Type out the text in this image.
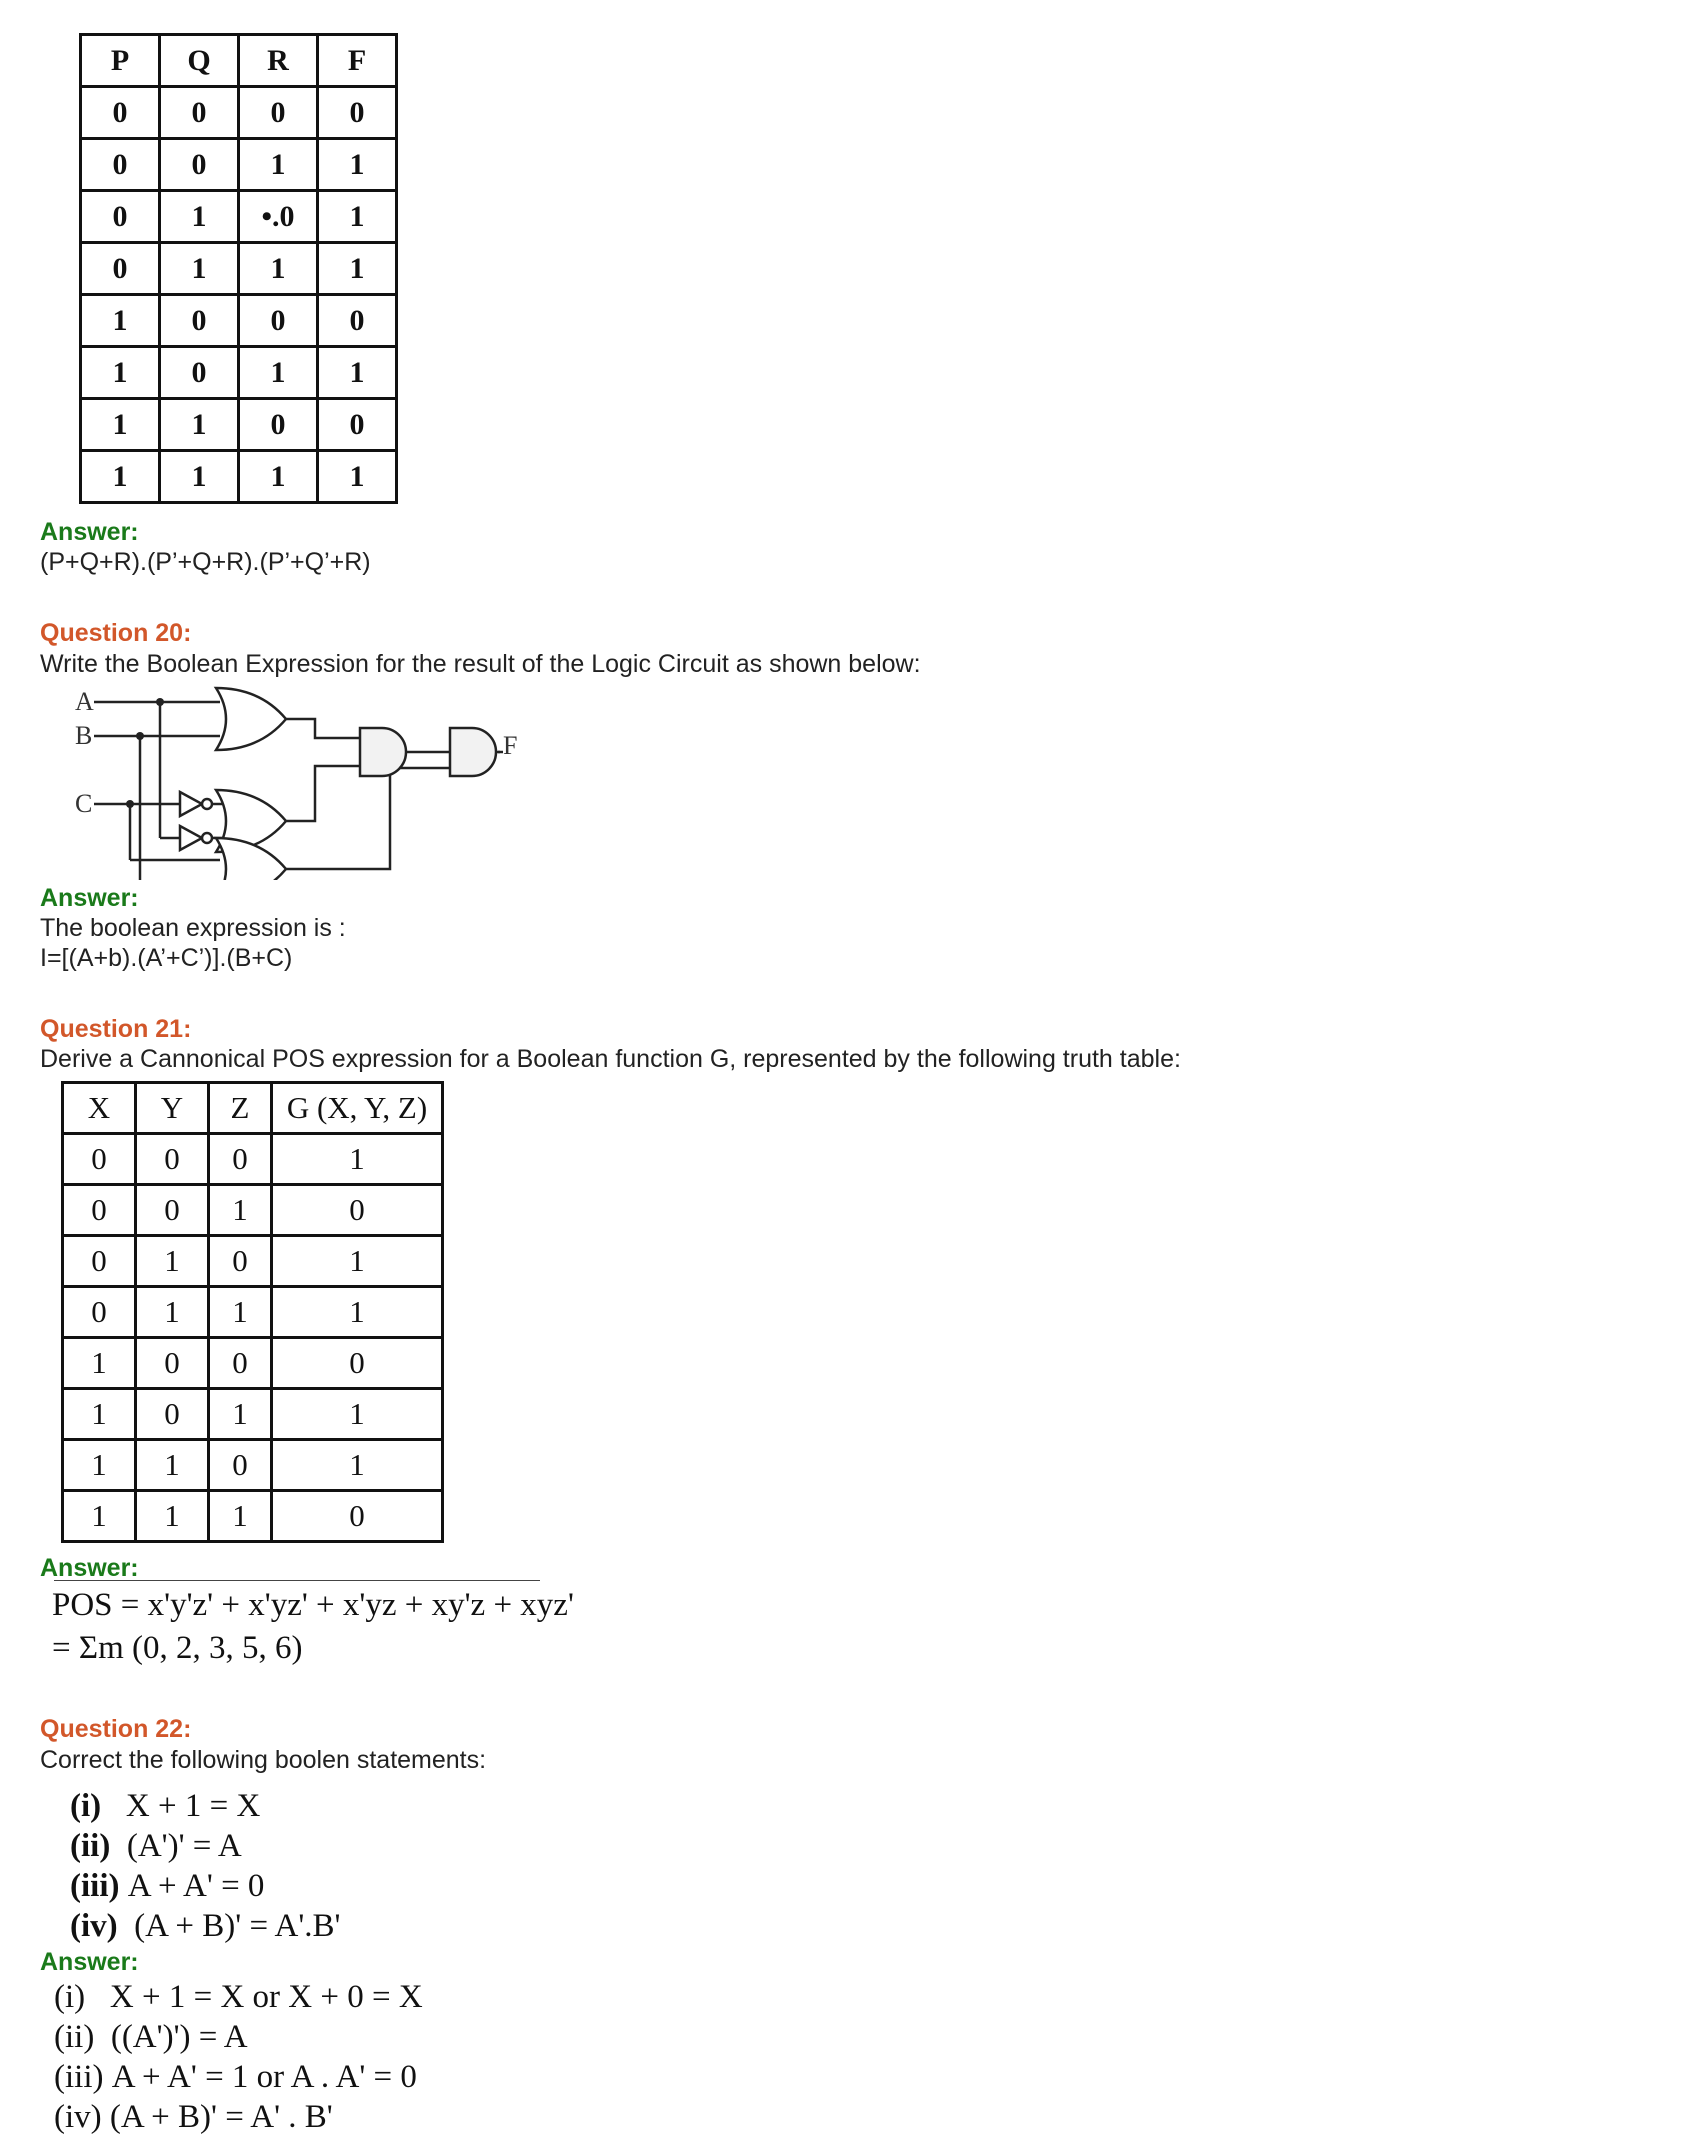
P	Q	R	F
0	0	0	0
0	0	1	1
0	1	•.0	1
0	1	1	1
1	0	0	0
1	0	1	1
1	1	0	0
1	1	1	1
Answer:
(P+Q+R).(P’+Q+R).(P’+Q’+R)
Question 20:
Write the Boolean Expression for the result of the Logic Circuit as shown below:
A
B
C
F
Answer:
The boolean expression is :
I=[(A+b).(A’+C’)].(B+C)
Question 21:
Derive a Cannonical POS expression for a Boolean function G, represented by the following truth table:
X	Y	Z	G (X, Y, Z)
0	0	0	1
0	0	1	0
0	1	0	1
0	1	1	1
1	0	0	0
1	0	1	1
1	1	0	1
1	1	1	0
Answer:
POS = x'y'z' + x'yz' + x'yz + xy'z + xyz'
= Σm (0, 2, 3, 5, 6)
Question 22:
Correct the following boolen statements:
(i) X + 1 = X
(ii) (A')' = A
(iii) A + A' = 0
(iv) (A + B)' = A'.B'
Answer:
(i) X + 1 = X or X + 0 = X
(ii) ((A')') = A
(iii) A + A' = 1 or A . A' = 0
(iv) (A + B)' = A' . B'
